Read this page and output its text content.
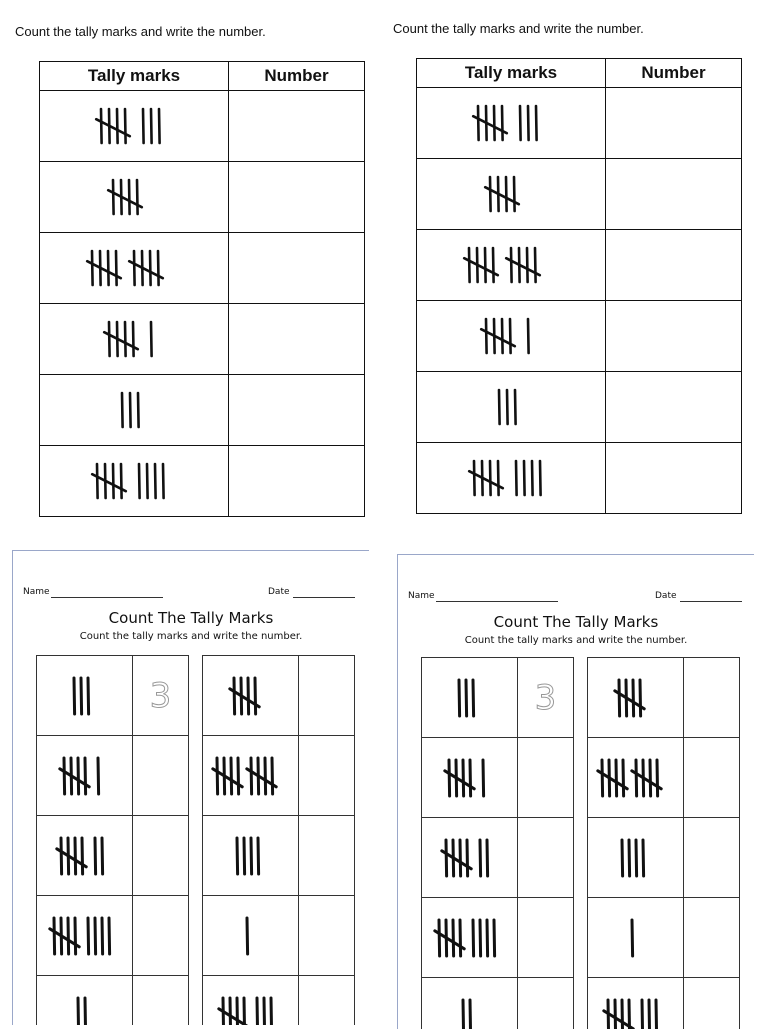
Count the tally marks and write the number.
Tally marks	Number

Count the tally marks and write the number.
Tally marks	Number

Name	Date
Count The Tally Marks
Count the tally marks and write the number.
	3

Name	Date
Count The Tally Marks
Count the tally marks and write the number.
	3
